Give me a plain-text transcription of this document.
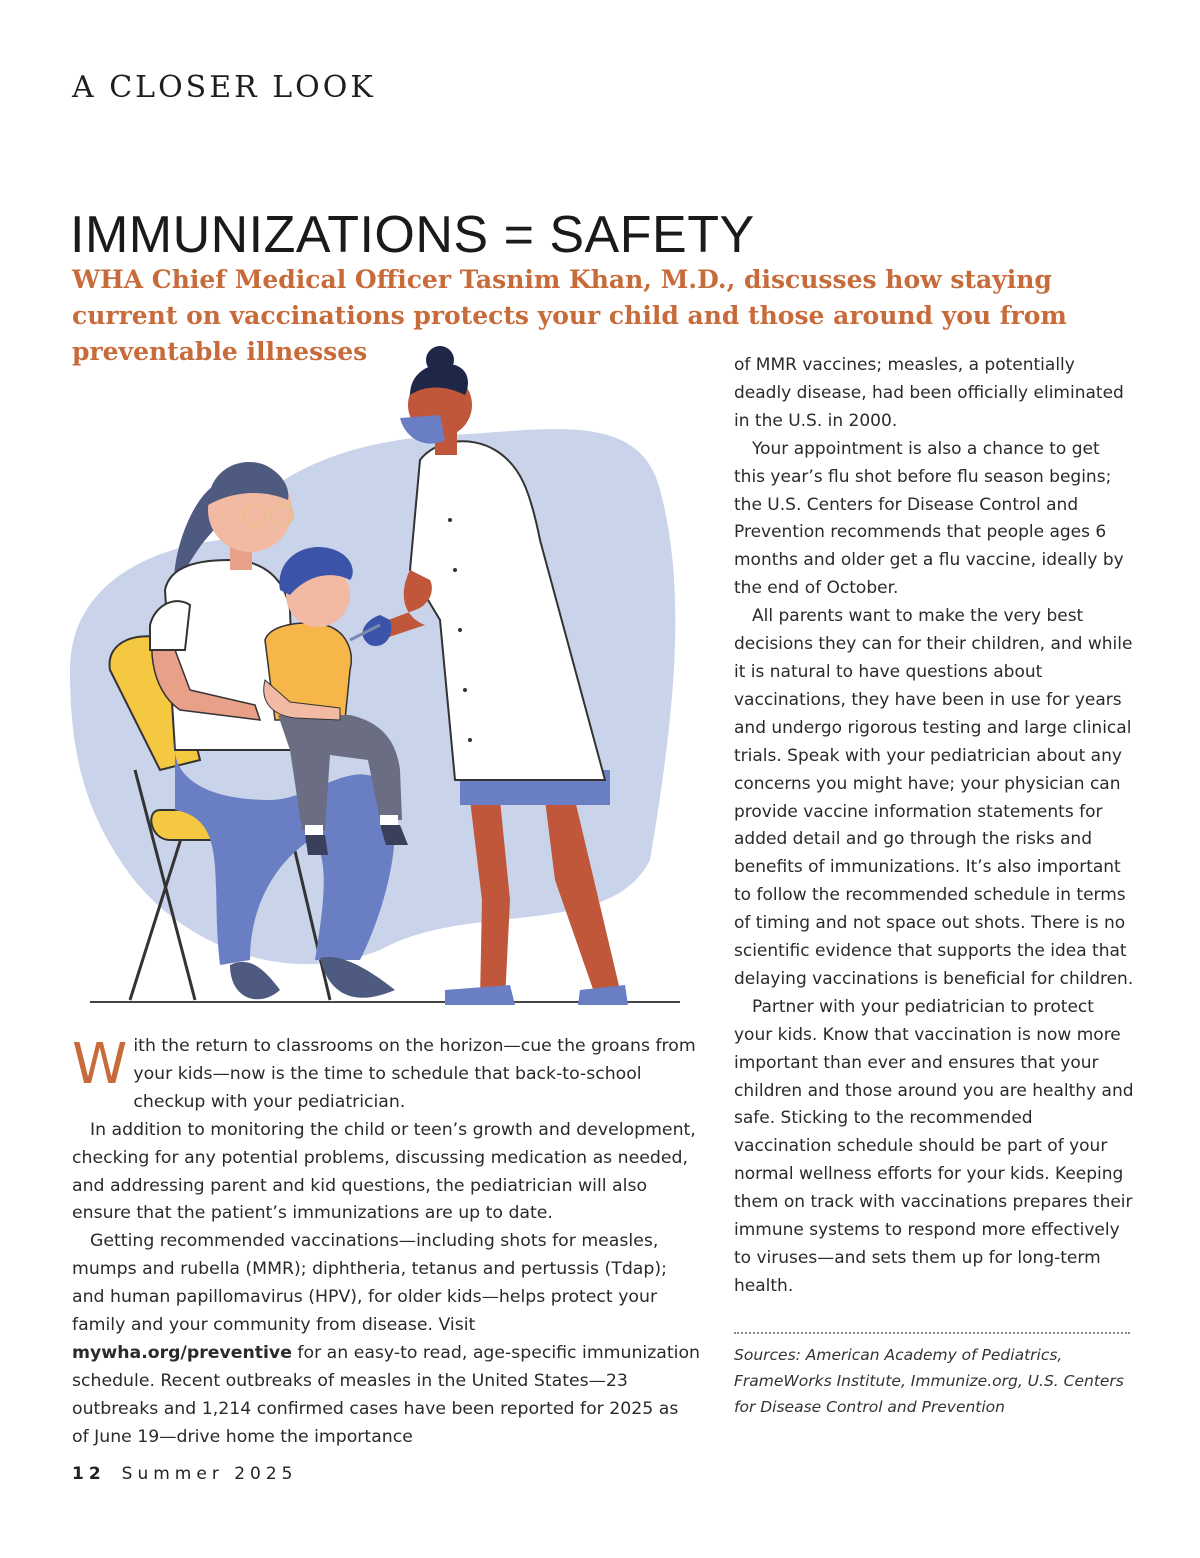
A CLOSER LOOK
IMMUNIZATIONS = SAFETY

WHA Chief Medical Officer Tasnim Khan, M.D., discusses how staying current on vaccinations protects your child and those around you from preventable illnesses

With the return to classrooms on the horizon—cue the groans from your kids—now is the time to schedule that back-to-school checkup with your pediatrician.

In addition to monitoring the child or teen’s growth and development, checking for any potential problems, discussing medication as needed, and addressing parent and kid questions, the pediatrician will also ensure that the patient’s immunizations are up to date.

Getting recommended vaccinations—including shots for measles, mumps and rubella (MMR); diphtheria, tetanus and pertussis (Tdap); and human papillomavirus (HPV), for older kids—helps protect your family and your community from disease. Visit mywha.org/preventive for an easy-to read, age-specific immunization schedule. Recent outbreaks of measles in the United States—23 outbreaks and 1,214 confirmed cases have been reported for 2025 as of June 19—drive home the importance

of MMR vaccines; measles, a potentially deadly disease, had been officially eliminated in the U.S. in 2000.

Your appointment is also a chance to get this year’s flu shot before flu season begins; the U.S. Centers for Disease Control and Prevention recommends that people ages 6 months and older get a flu vaccine, ideally by the end of October.

All parents want to make the very best decisions they can for their children, and while it is natural to have questions about vaccinations, they have been in use for years and undergo rigorous testing and large clinical trials. Speak with your pediatrician about any concerns you might have; your physician can provide vaccine information statements for added detail and go through the risks and benefits of immunizations. It’s also important to follow the recommended schedule in terms of timing and not space out shots. There is no scientific evidence that supports the idea that delaying vaccinations is beneficial for children.

Partner with your pediatrician to protect your kids. Know that vaccination is now more important than ever and ensures that your children and those around you are healthy and safe. Sticking to the recommended vaccination schedule should be part of your normal wellness efforts for your kids. Keeping them on track with vaccinations prepares their immune systems to respond more effectively to viruses—and sets them up for long-term health.

Sources: American Academy of Pediatrics, FrameWorks Institute, Immunize.org, U.S. Centers for Disease Control and Prevention

12 Summer 2025
